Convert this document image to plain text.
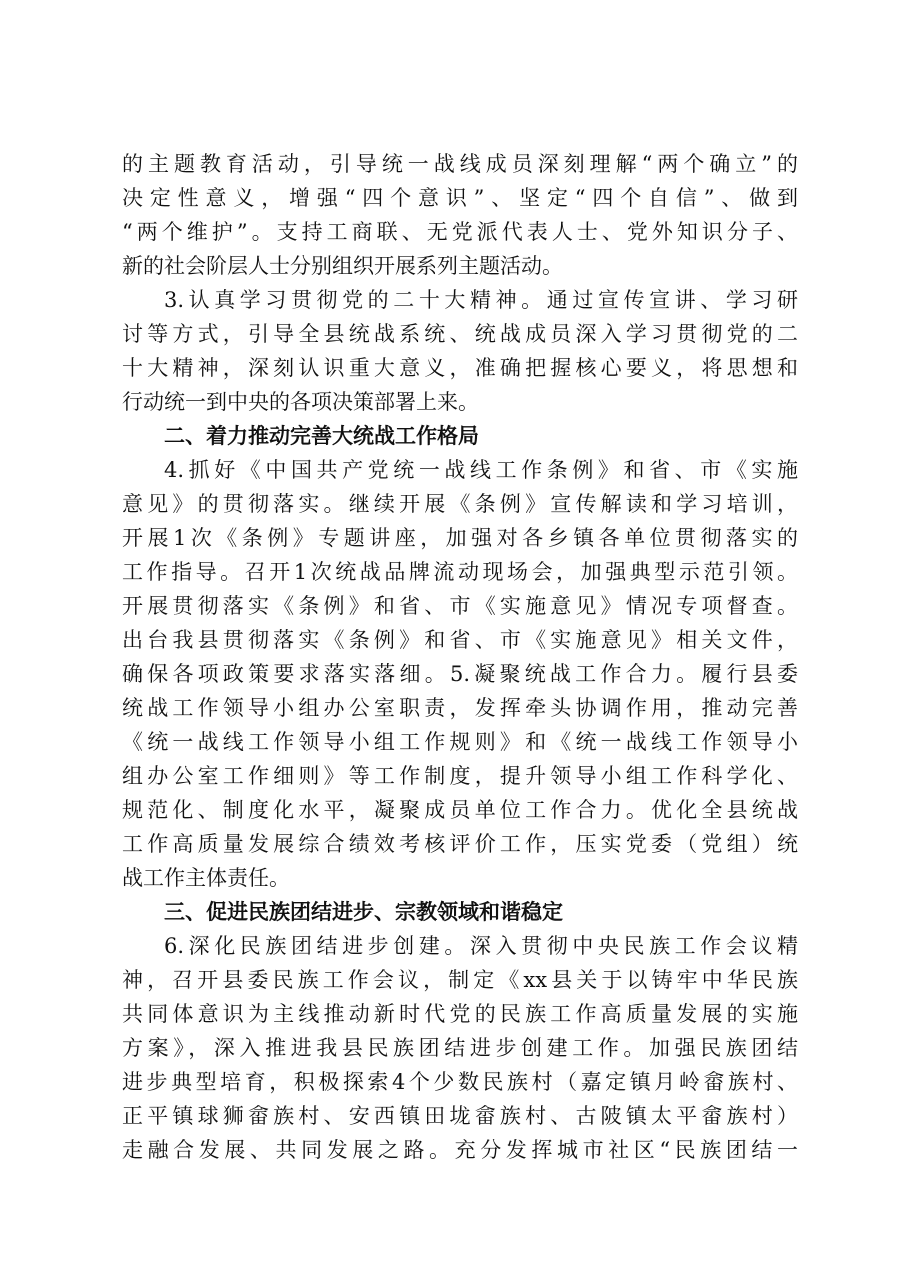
的主题教育活动，引导统一战线成员深刻理解“两个确立”的
决定性意义，增强“四个意识”、坚定“四个自信”、做到
“两个维护”。支持工商联、无党派代表人士、党外知识分子、
新的社会阶层人士分别组织开展系列主题活动。
3.认真学习贯彻党的二十大精神。通过宣传宣讲、学习研
讨等方式，引导全县统战系统、统战成员深入学习贯彻党的二
十大精神，深刻认识重大意义，准确把握核心要义，将思想和
行动统一到中央的各项决策部署上来。
二、着力推动完善大统战工作格局
4.抓好《中国共产党统一战线工作条例》和省、市《实施
意见》的贯彻落实。继续开展《条例》宣传解读和学习培训，
开展1次《条例》专题讲座，加强对各乡镇各单位贯彻落实的
工作指导。召开1次统战品牌流动现场会，加强典型示范引领。
开展贯彻落实《条例》和省、市《实施意见》情况专项督查。
出台我县贯彻落实《条例》和省、市《实施意见》相关文件，
确保各项政策要求落实落细。5.凝聚统战工作合力。履行县委
统战工作领导小组办公室职责，发挥牵头协调作用，推动完善
《统一战线工作领导小组工作规则》和《统一战线工作领导小
组办公室工作细则》等工作制度，提升领导小组工作科学化、
规范化、制度化水平，凝聚成员单位工作合力。优化全县统战
工作高质量发展综合绩效考核评价工作，压实党委（党组）统
战工作主体责任。
三、促进民族团结进步、宗教领域和谐稳定
6.深化民族团结进步创建。深入贯彻中央民族工作会议精
神，召开县委民族工作会议，制定《xx县关于以铸牢中华民族
共同体意识为主线推动新时代党的民族工作高质量发展的实施
方案》，深入推进我县民族团结进步创建工作。加强民族团结
进步典型培育，积极探索4个少数民族村（嘉定镇月岭畲族村、
正平镇球狮畲族村、安西镇田垅畲族村、古陂镇太平畲族村）
走融合发展、共同发展之路。充分发挥城市社区“民族团结一
